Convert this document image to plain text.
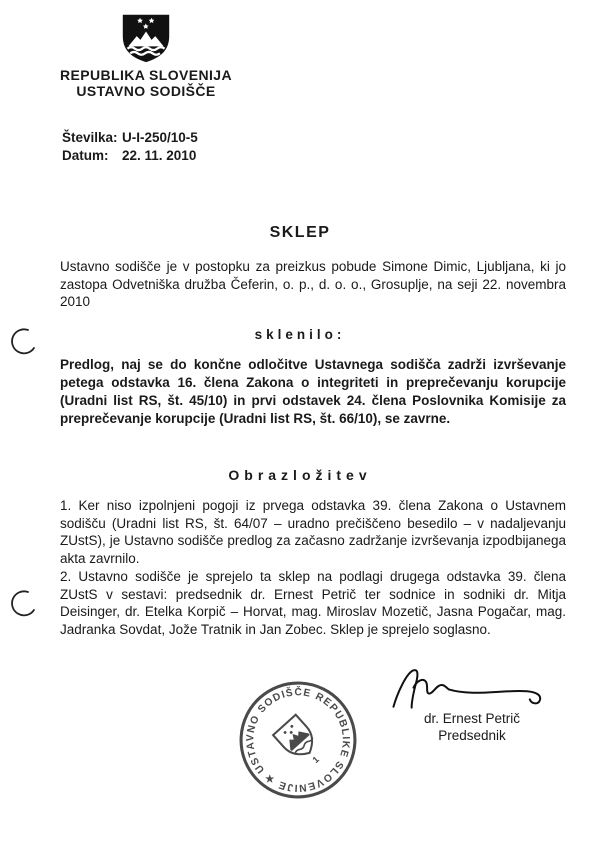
REPUBLIKA SLOVENIJA
USTAVNO SODIŠČE
Številka: U-I-250/10-5
Datum:	22. 11. 2010
SKLEP
Ustavno sodišče je v postopku za preizkus pobude Simone Dimic, Ljubljana, ki jo zastopa Odvetniška družba Čeferin, o. p., d. o. o., Grosuplje, na seji 22. novembra 2010
sklenilo:
Predlog, naj se do končne odločitve Ustavnega sodišča zadrži izvrševanje petega odstavka 16. člena Zakona o integriteti in preprečevanju korupcije (Uradni list RS, št. 45/10) in prvi odstavek 24. člena Poslovnika Komisije za preprečevanje korupcije (Uradni list RS, št. 66/10), se zavrne.
Obrazložitev
1. Ker niso izpolnjeni pogoji iz prvega odstavka 39. člena Zakona o Ustavnem sodišču (Uradni list RS, št. 64/07 – uradno prečiščeno besedilo – v nadaljevanju ZUstS), je Ustavno sodišče predlog za začasno zadržanje izvrševanja izpodbijanega akta zavrnilo.
2. Ustavno sodišče je sprejelo ta sklep na podlagi drugega odstavka 39. člena ZUstS v sestavi: predsednik dr. Ernest Petrič ter sodnice in sodniki dr. Mitja Deisinger, dr. Etelka Korpič – Horvat, mag. Miroslav Mozetič, Jasna Pogačar, mag. Jadranka Sovdat, Jože Tratnik in Jan Zobec. Sklep je sprejelo soglasno.
USTAVNO SODIŠČE REPUBLIKE SLOVENIJE ★
1
dr. Ernest Petrič
Predsednik
